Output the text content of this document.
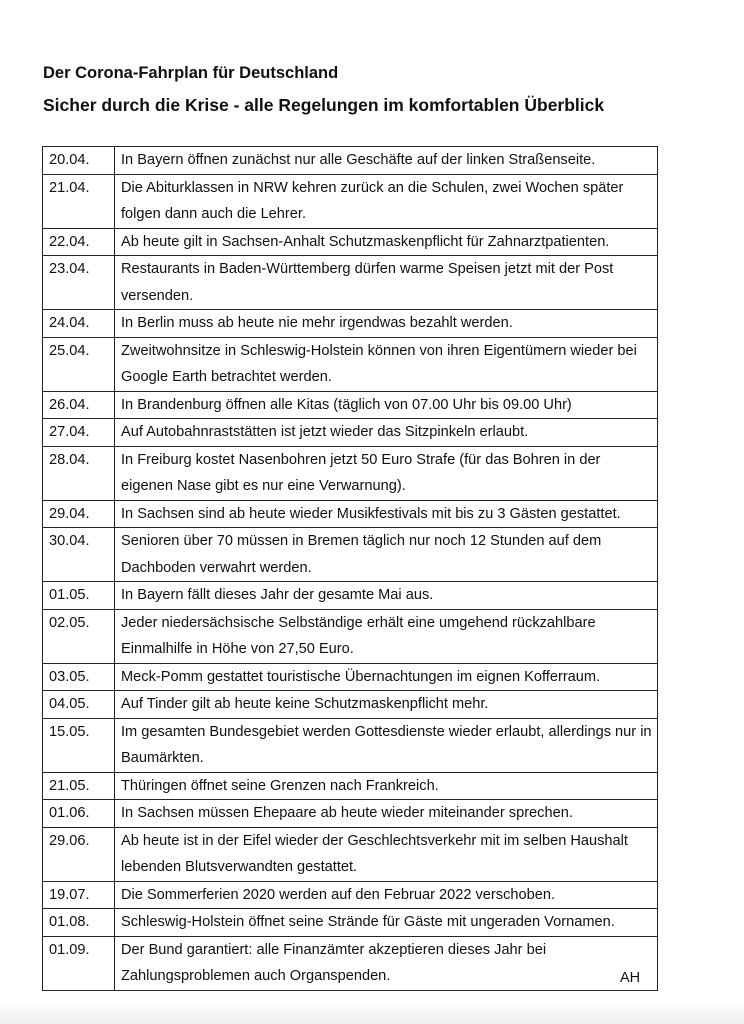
Der Corona-Fahrplan für Deutschland
Sicher durch die Krise - alle Regelungen im komfortablen Überblick
20.04.	In Bayern öffnen zunächst nur alle Geschäfte auf der linken Straßenseite.
21.04.	Die Abiturklassen in NRW kehren zurück an die Schulen, zwei Wochen später folgen dann auch die Lehrer.
22.04.	Ab heute gilt in Sachsen-Anhalt Schutzmaskenpflicht für Zahnarztpatienten.
23.04.	Restaurants in Baden-Württemberg dürfen warme Speisen jetzt mit der Post versenden.
24.04.	In Berlin muss ab heute nie mehr irgendwas bezahlt werden.
25.04.	Zweitwohnsitze in Schleswig-Holstein können von ihren Eigentümern wieder bei Google Earth betrachtet werden.
26.04.	In Brandenburg öffnen alle Kitas (täglich von 07.00 Uhr bis 09.00 Uhr)
27.04.	Auf Autobahnraststätten ist jetzt wieder das Sitzpinkeln erlaubt.
28.04.	In Freiburg kostet Nasenbohren jetzt 50 Euro Strafe (für das Bohren in der eigenen Nase gibt es nur eine Verwarnung).
29.04.	In Sachsen sind ab heute wieder Musikfestivals mit bis zu 3 Gästen gestattet.
30.04.	Senioren über 70 müssen in Bremen täglich nur noch 12 Stunden auf dem Dachboden verwahrt werden.
01.05.	In Bayern fällt dieses Jahr der gesamte Mai aus.
02.05.	Jeder niedersächsische Selbständige erhält eine umgehend rückzahlbare Einmalhilfe in Höhe von 27,50 Euro.
03.05.	Meck-Pomm gestattet touristische Übernachtungen im eignen Kofferraum.
04.05.	Auf Tinder gilt ab heute keine Schutzmaskenpflicht mehr.
15.05.	Im gesamten Bundesgebiet werden Gottesdienste wieder erlaubt, allerdings nur in Baumärkten.
21.05.	Thüringen öffnet seine Grenzen nach Frankreich.
01.06.	In Sachsen müssen Ehepaare ab heute wieder miteinander sprechen.
29.06.	Ab heute ist in der Eifel wieder der Geschlechtsverkehr mit im selben Haushalt lebenden Blutsverwandten gestattet.
19.07.	Die Sommerferien 2020 werden auf den Februar 2022 verschoben.
01.08.	Schleswig-Holstein öffnet seine Strände für Gäste mit ungeraden Vornamen.
01.09.	Der Bund garantiert: alle Finanzämter akzeptieren dieses Jahr bei Zahlungsproblemen auch Organspenden.	AH
